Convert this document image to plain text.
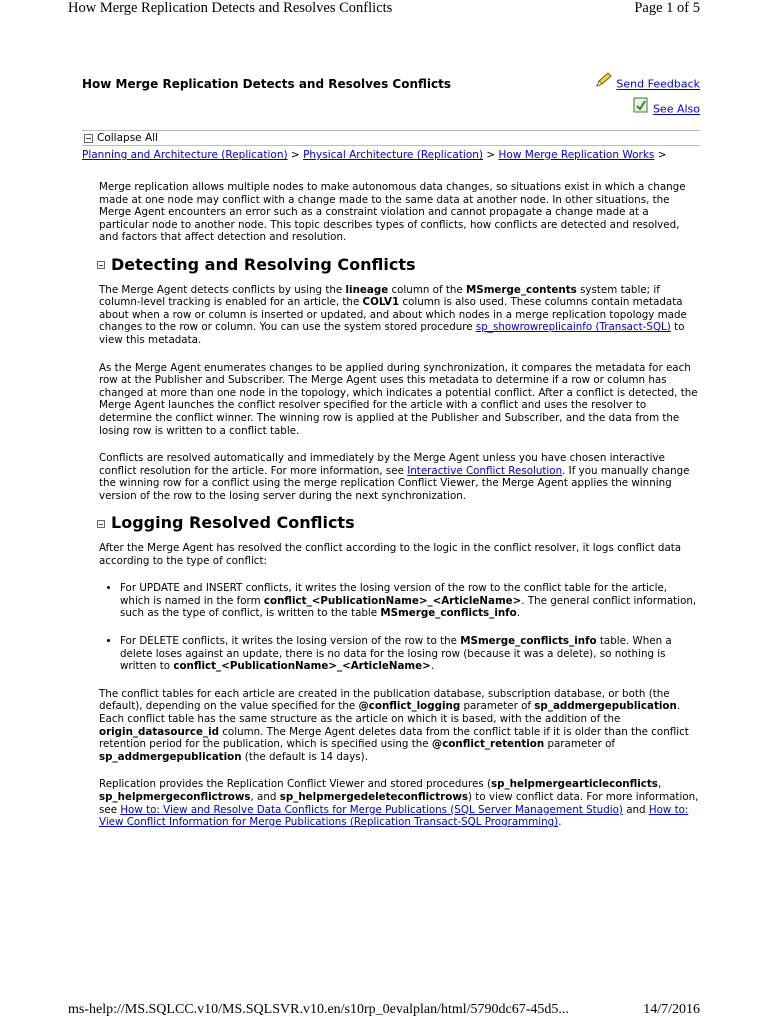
How Merge Replication Detects and Resolves Conflicts	Page 1 of 5
How Merge Replication Detects and Resolves Conflicts	Send Feedback
See Also
Collapse All
Planning and Architecture (Replication) > Physical Architecture (Replication) > How Merge Replication Works >

Merge replication allows multiple nodes to make autonomous data changes, so situations exist in which a change made at one node may conflict with a change made to the same data at another node. In other situations, the Merge Agent encounters an error such as a constraint violation and cannot propagate a change made at a particular node to another node. This topic describes types of conflicts, how conflicts are detected and resolved, and factors that affect detection and resolution.

Detecting and Resolving Conflicts

The Merge Agent detects conflicts by using the lineage column of the MSmerge_contents system table; if column-level tracking is enabled for an article, the COLV1 column is also used. These columns contain metadata about when a row or column is inserted or updated, and about which nodes in a merge replication topology made changes to the row or column. You can use the system stored procedure sp_showrowreplicainfo (Transact-SQL) to view this metadata.

As the Merge Agent enumerates changes to be applied during synchronization, it compares the metadata for each row at the Publisher and Subscriber. The Merge Agent uses this metadata to determine if a row or column has changed at more than one node in the topology, which indicates a potential conflict. After a conflict is detected, the Merge Agent launches the conflict resolver specified for the article with a conflict and uses the resolver to determine the conflict winner. The winning row is applied at the Publisher and Subscriber, and the data from the losing row is written to a conflict table.

Conflicts are resolved automatically and immediately by the Merge Agent unless you have chosen interactive conflict resolution for the article. For more information, see Interactive Conflict Resolution. If you manually change the winning row for a conflict using the merge replication Conflict Viewer, the Merge Agent applies the winning version of the row to the losing server during the next synchronization.

Logging Resolved Conflicts

After the Merge Agent has resolved the conflict according to the logic in the conflict resolver, it logs conflict data according to the type of conflict:

• For UPDATE and INSERT conflicts, it writes the losing version of the row to the conflict table for the article, which is named in the form conflict_<PublicationName>_<ArticleName>. The general conflict information, such as the type of conflict, is written to the table MSmerge_conflicts_info.
• For DELETE conflicts, it writes the losing version of the row to the MSmerge_conflicts_info table. When a delete loses against an update, there is no data for the losing row (because it was a delete), so nothing is written to conflict_<PublicationName>_<ArticleName>.

The conflict tables for each article are created in the publication database, subscription database, or both (the default), depending on the value specified for the @conflict_logging parameter of sp_addmergepublication. Each conflict table has the same structure as the article on which it is based, with the addition of the origin_datasource_id column. The Merge Agent deletes data from the conflict table if it is older than the conflict retention period for the publication, which is specified using the @conflict_retention parameter of sp_addmergepublication (the default is 14 days).

Replication provides the Replication Conflict Viewer and stored procedures (sp_helpmergearticleconflicts, sp_helpmergeconflictrows, and sp_helpmergedeleteconflictrows) to view conflict data. For more information, see How to: View and Resolve Data Conflicts for Merge Publications (SQL Server Management Studio) and How to: View Conflict Information for Merge Publications (Replication Transact-SQL Programming).

ms-help://MS.SQLCC.v10/MS.SQLSVR.v10.en/s10rp_0evalplan/html/5790dc67-45d5...	14/7/2016
